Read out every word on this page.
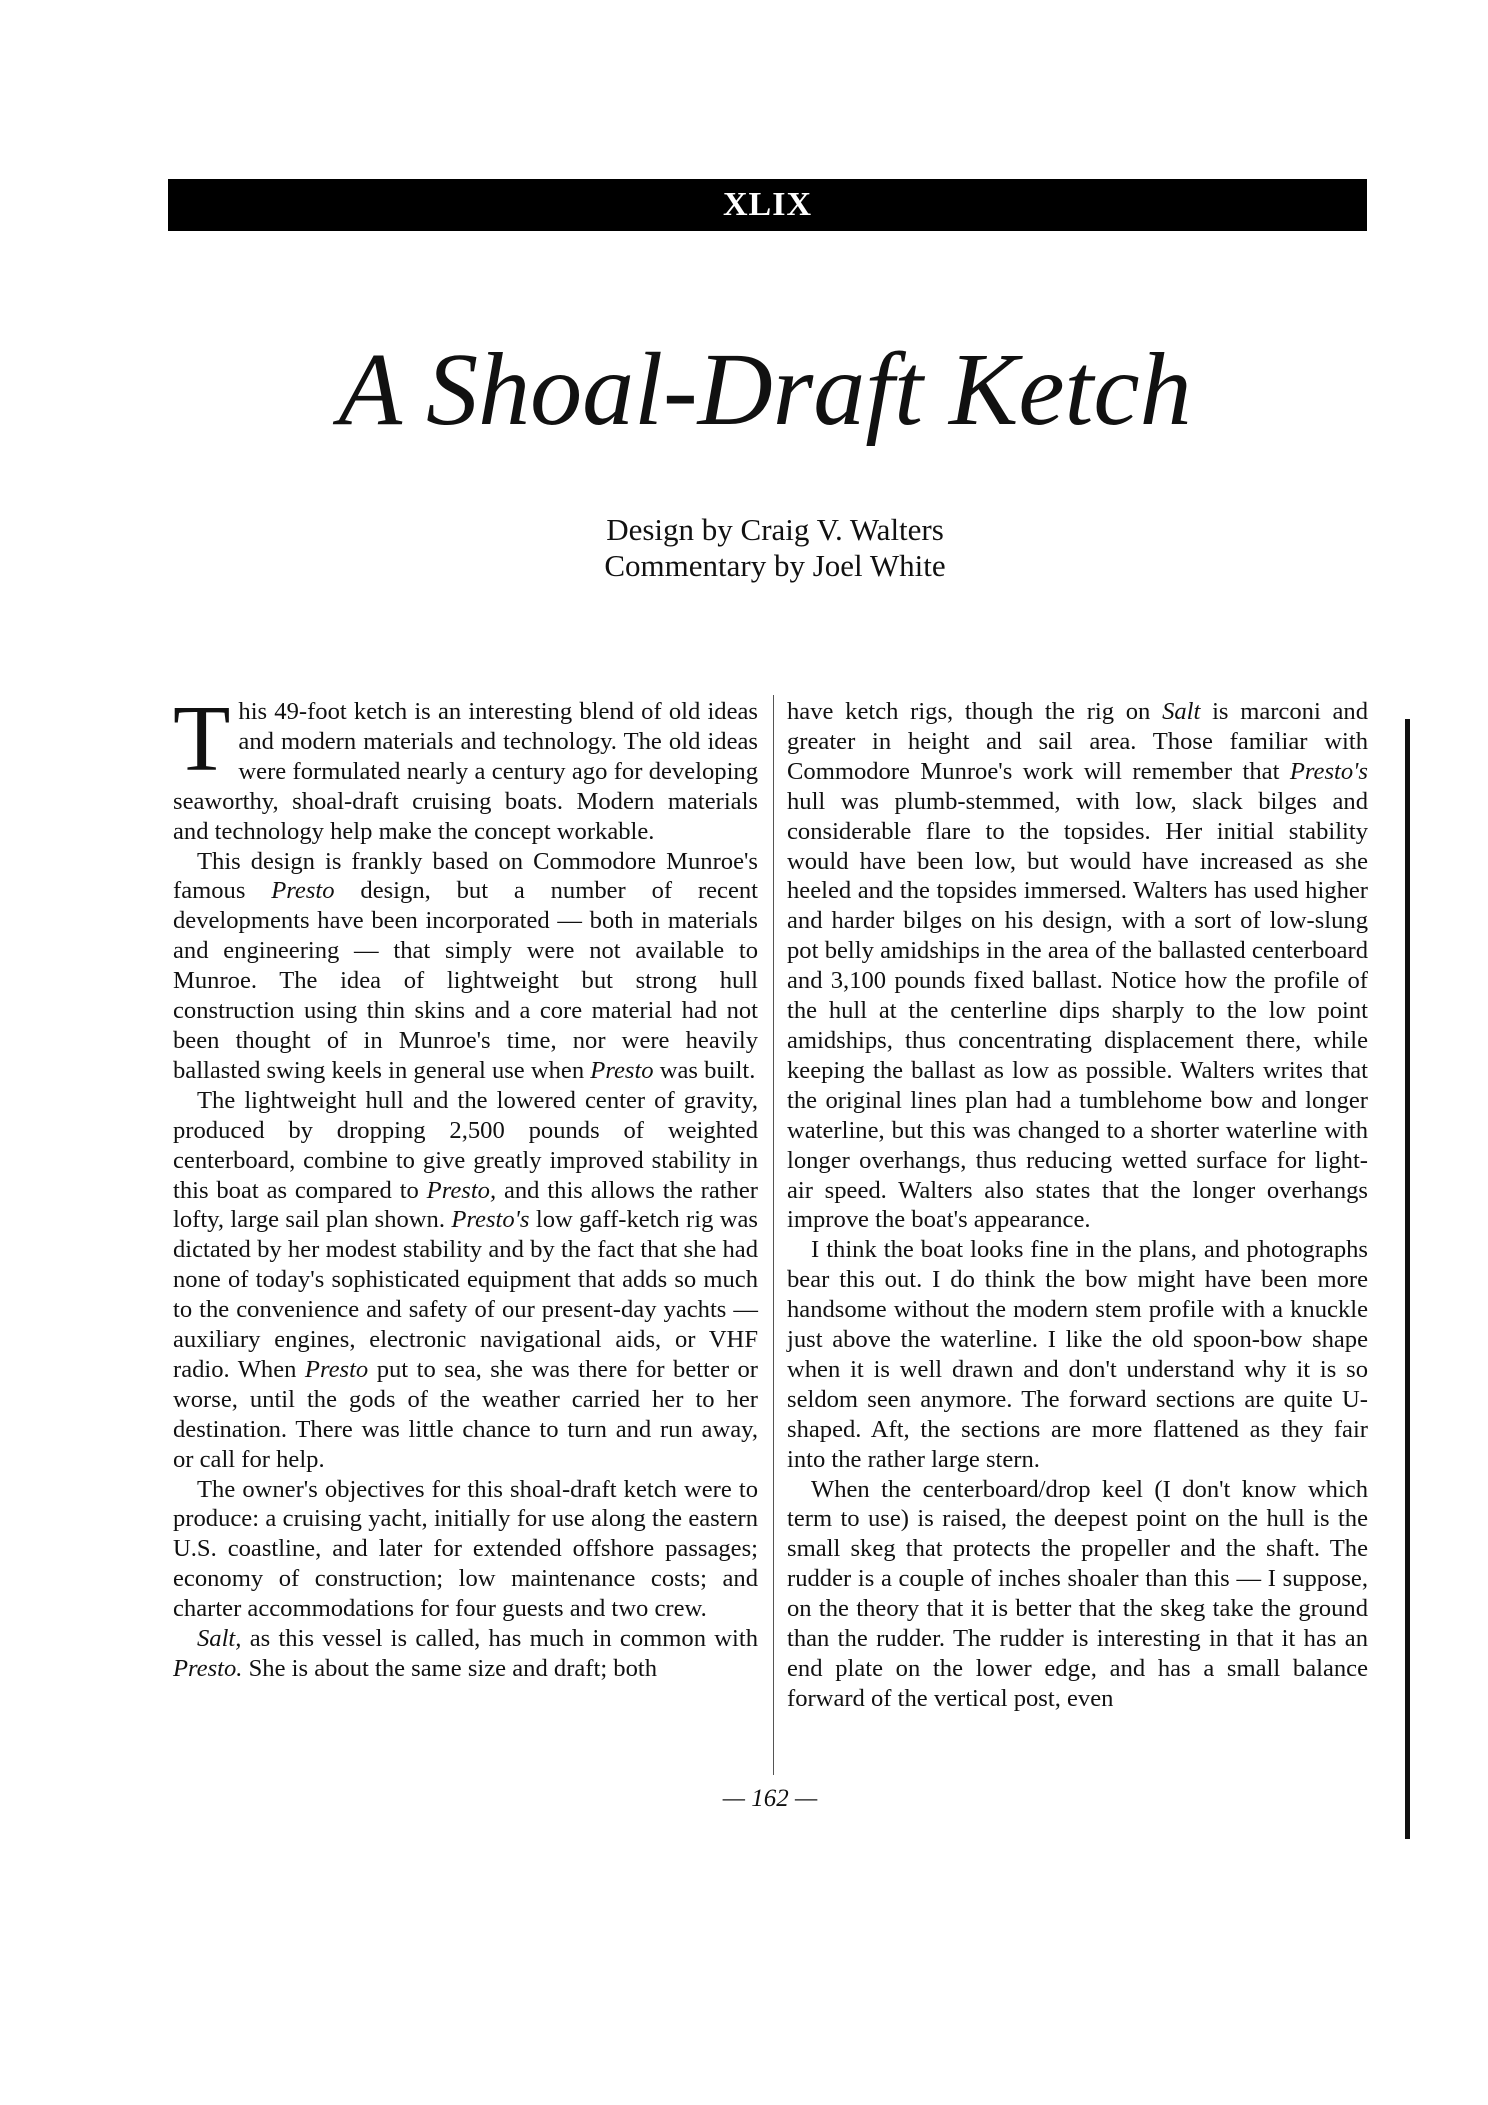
XLIX
A Shoal-Draft Ketch
Design by Craig V. Walters
Commentary by Joel White

This 49-foot ketch is an interesting blend of old ideas and modern materials and technology. The old ideas were formulated nearly a century ago for developing seaworthy, shoal-draft cruising boats. Modern materials and technology help make the concept workable.

This design is frankly based on Commodore Munroe's famous Presto design, but a number of recent developments have been incorporated — both in materials and engineering — that simply were not available to Munroe. The idea of lightweight but strong hull construction using thin skins and a core material had not been thought of in Munroe's time, nor were heavily ballasted swing keels in general use when Presto was built.

The lightweight hull and the lowered center of gravity, produced by dropping 2,500 pounds of weighted centerboard, combine to give greatly improved stability in this boat as compared to Presto, and this allows the rather lofty, large sail plan shown. Presto's low gaff-ketch rig was dictated by her modest stability and by the fact that she had none of today's sophisticated equipment that adds so much to the convenience and safety of our present-day yachts — auxiliary engines, electronic navigational aids, or VHF radio. When Presto put to sea, she was there for better or worse, until the gods of the weather carried her to her destination. There was little chance to turn and run away, or call for help.

The owner's objectives for this shoal-draft ketch were to produce: a cruising yacht, initially for use along the eastern U.S. coastline, and later for extended offshore passages; economy of construction; low maintenance costs; and charter accommodations for four guests and two crew.

Salt, as this vessel is called, has much in common with Presto. She is about the same size and draft; both

have ketch rigs, though the rig on Salt is marconi and greater in height and sail area. Those familiar with Commodore Munroe's work will remember that Presto's hull was plumb-stemmed, with low, slack bilges and considerable flare to the topsides. Her initial stability would have been low, but would have increased as she heeled and the topsides immersed. Walters has used higher and harder bilges on his design, with a sort of low-slung pot belly amidships in the area of the ballasted centerboard and 3,100 pounds fixed ballast. Notice how the profile of the hull at the centerline dips sharply to the low point amidships, thus concentrating displacement there, while keeping the ballast as low as possible. Walters writes that the original lines plan had a tumblehome bow and longer waterline, but this was changed to a shorter waterline with longer overhangs, thus reducing wetted surface for light-air speed. Walters also states that the longer overhangs improve the boat's appearance.

I think the boat looks fine in the plans, and photographs bear this out. I do think the bow might have been more handsome without the modern stem profile with a knuckle just above the waterline. I like the old spoon-bow shape when it is well drawn and don't understand why it is so seldom seen anymore. The forward sections are quite U-shaped. Aft, the sections are more flattened as they fair into the rather large stern.

When the centerboard/drop keel (I don't know which term to use) is raised, the deepest point on the hull is the small skeg that protects the propeller and the shaft. The rudder is a couple of inches shoaler than this — I suppose, on the theory that it is better that the skeg take the ground than the rudder. The rudder is interesting in that it has an end plate on the lower edge, and has a small balance forward of the vertical post, even

— 162 —
